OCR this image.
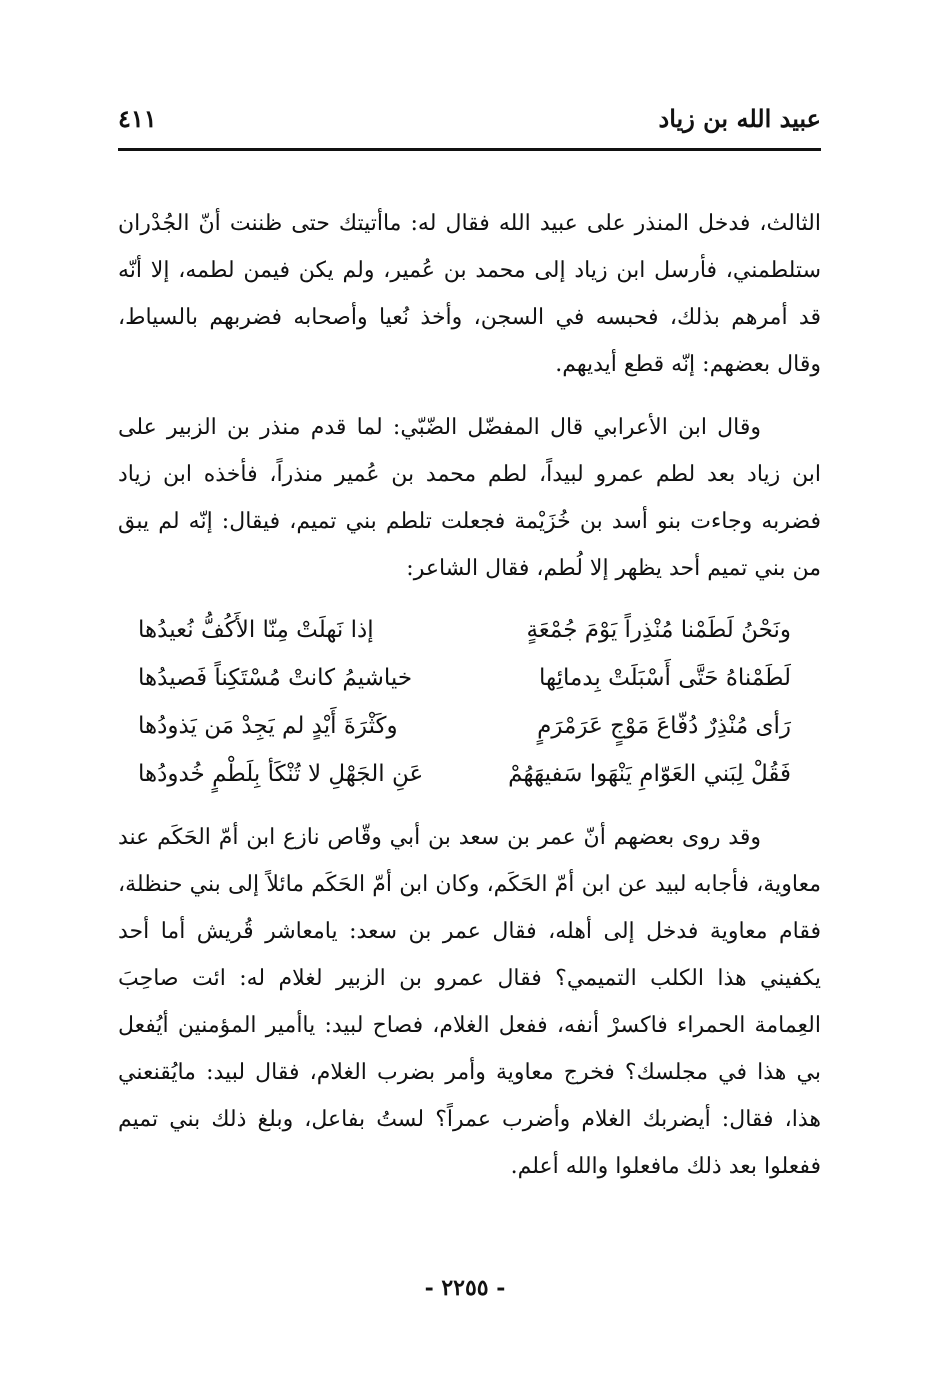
عبيد الله بن زياد
٤١١

الثالث، فدخل المنذر على عبيد الله فقال له: ماأتيتك حتى ظننت أنّ الجُدْران ستلطمني، فأرسل ابن زياد إلى محمد بن عُمير، ولم يكن فيمن لطمه، إلا أنّه قد أمرهم بذلك، فحبسه في السجن، وأخذ نُعيا وأصحابه فضربهم بالسياط، وقال بعضهم: إنّه قطع أيديهم.

وقال ابن الأعرابي قال المفضّل الضّبّي: لما قدم منذر بن الزبير على ابن زياد بعد لطم عمرو لبيداً، لطم محمد بن عُمير منذراً، فأخذه ابن زياد فضربه وجاءت بنو أسد بن خُزَيْمة فجعلت تلطم بني تميم، فيقال: إنّه لم يبق من بني تميم أحد يظهر إلا لُطم، فقال الشاعر:

ونَحْنُ لَطَمْنا مُنْذِراً يَوْمَ جُمْعَةٍ
إذا نَهلَتْ مِنّا الأَكُفُّ نُعيدُها
لَطَمْناهُ حَتَّى أَسْبَلَتْ بِدمائِها
خياشيمُ كانتْ مُسْتَكِناً فَصيدُها
رَأى مُنْذِرٌ دُفّاعَ مَوْجٍ عَرَمْرَمٍ
وكَثْرَةَ أَيْدٍ لم يَجِدْ مَن يَذودُها
فَقُلْ لِبَني العَوّامِ يَنْهَوا سَفيهَهُمْ
عَنِ الجَهْلِ لا تُنْكَأ بِلَطْمٍ خُدودُها

وقد روى بعضهم أنّ عمر بن سعد بن أبي وقّاص نازع ابن أمّ الحَكَم عند معاوية، فأجابه لبيد عن ابن أمّ الحَكَم، وكان ابن أمّ الحَكَم مائلاً إلى بني حنظلة، فقام معاوية فدخل إلى أهله، فقال عمر بن سعد: يامعاشر قُريش أما أحد يكفيني هذا الكلب التميمي؟ فقال عمرو بن الزبير لغلام له: ائت صاحِبَ العِمامة الحمراء فاكسرْ أنفه، ففعل الغلام، فصاح لبيد: ياأمير المؤمنين أيُفعل بي هذا في مجلسك؟ فخرج معاوية وأمر بضرب الغلام، فقال لبيد: مايُقنعني هذا، فقال: أيضربك الغلام وأضرب عمراً؟ لستُ بفاعل، وبلغ ذلك بني تميم ففعلوا بعد ذلك مافعلوا والله أعلم.

- ٢٢٥٥ -
